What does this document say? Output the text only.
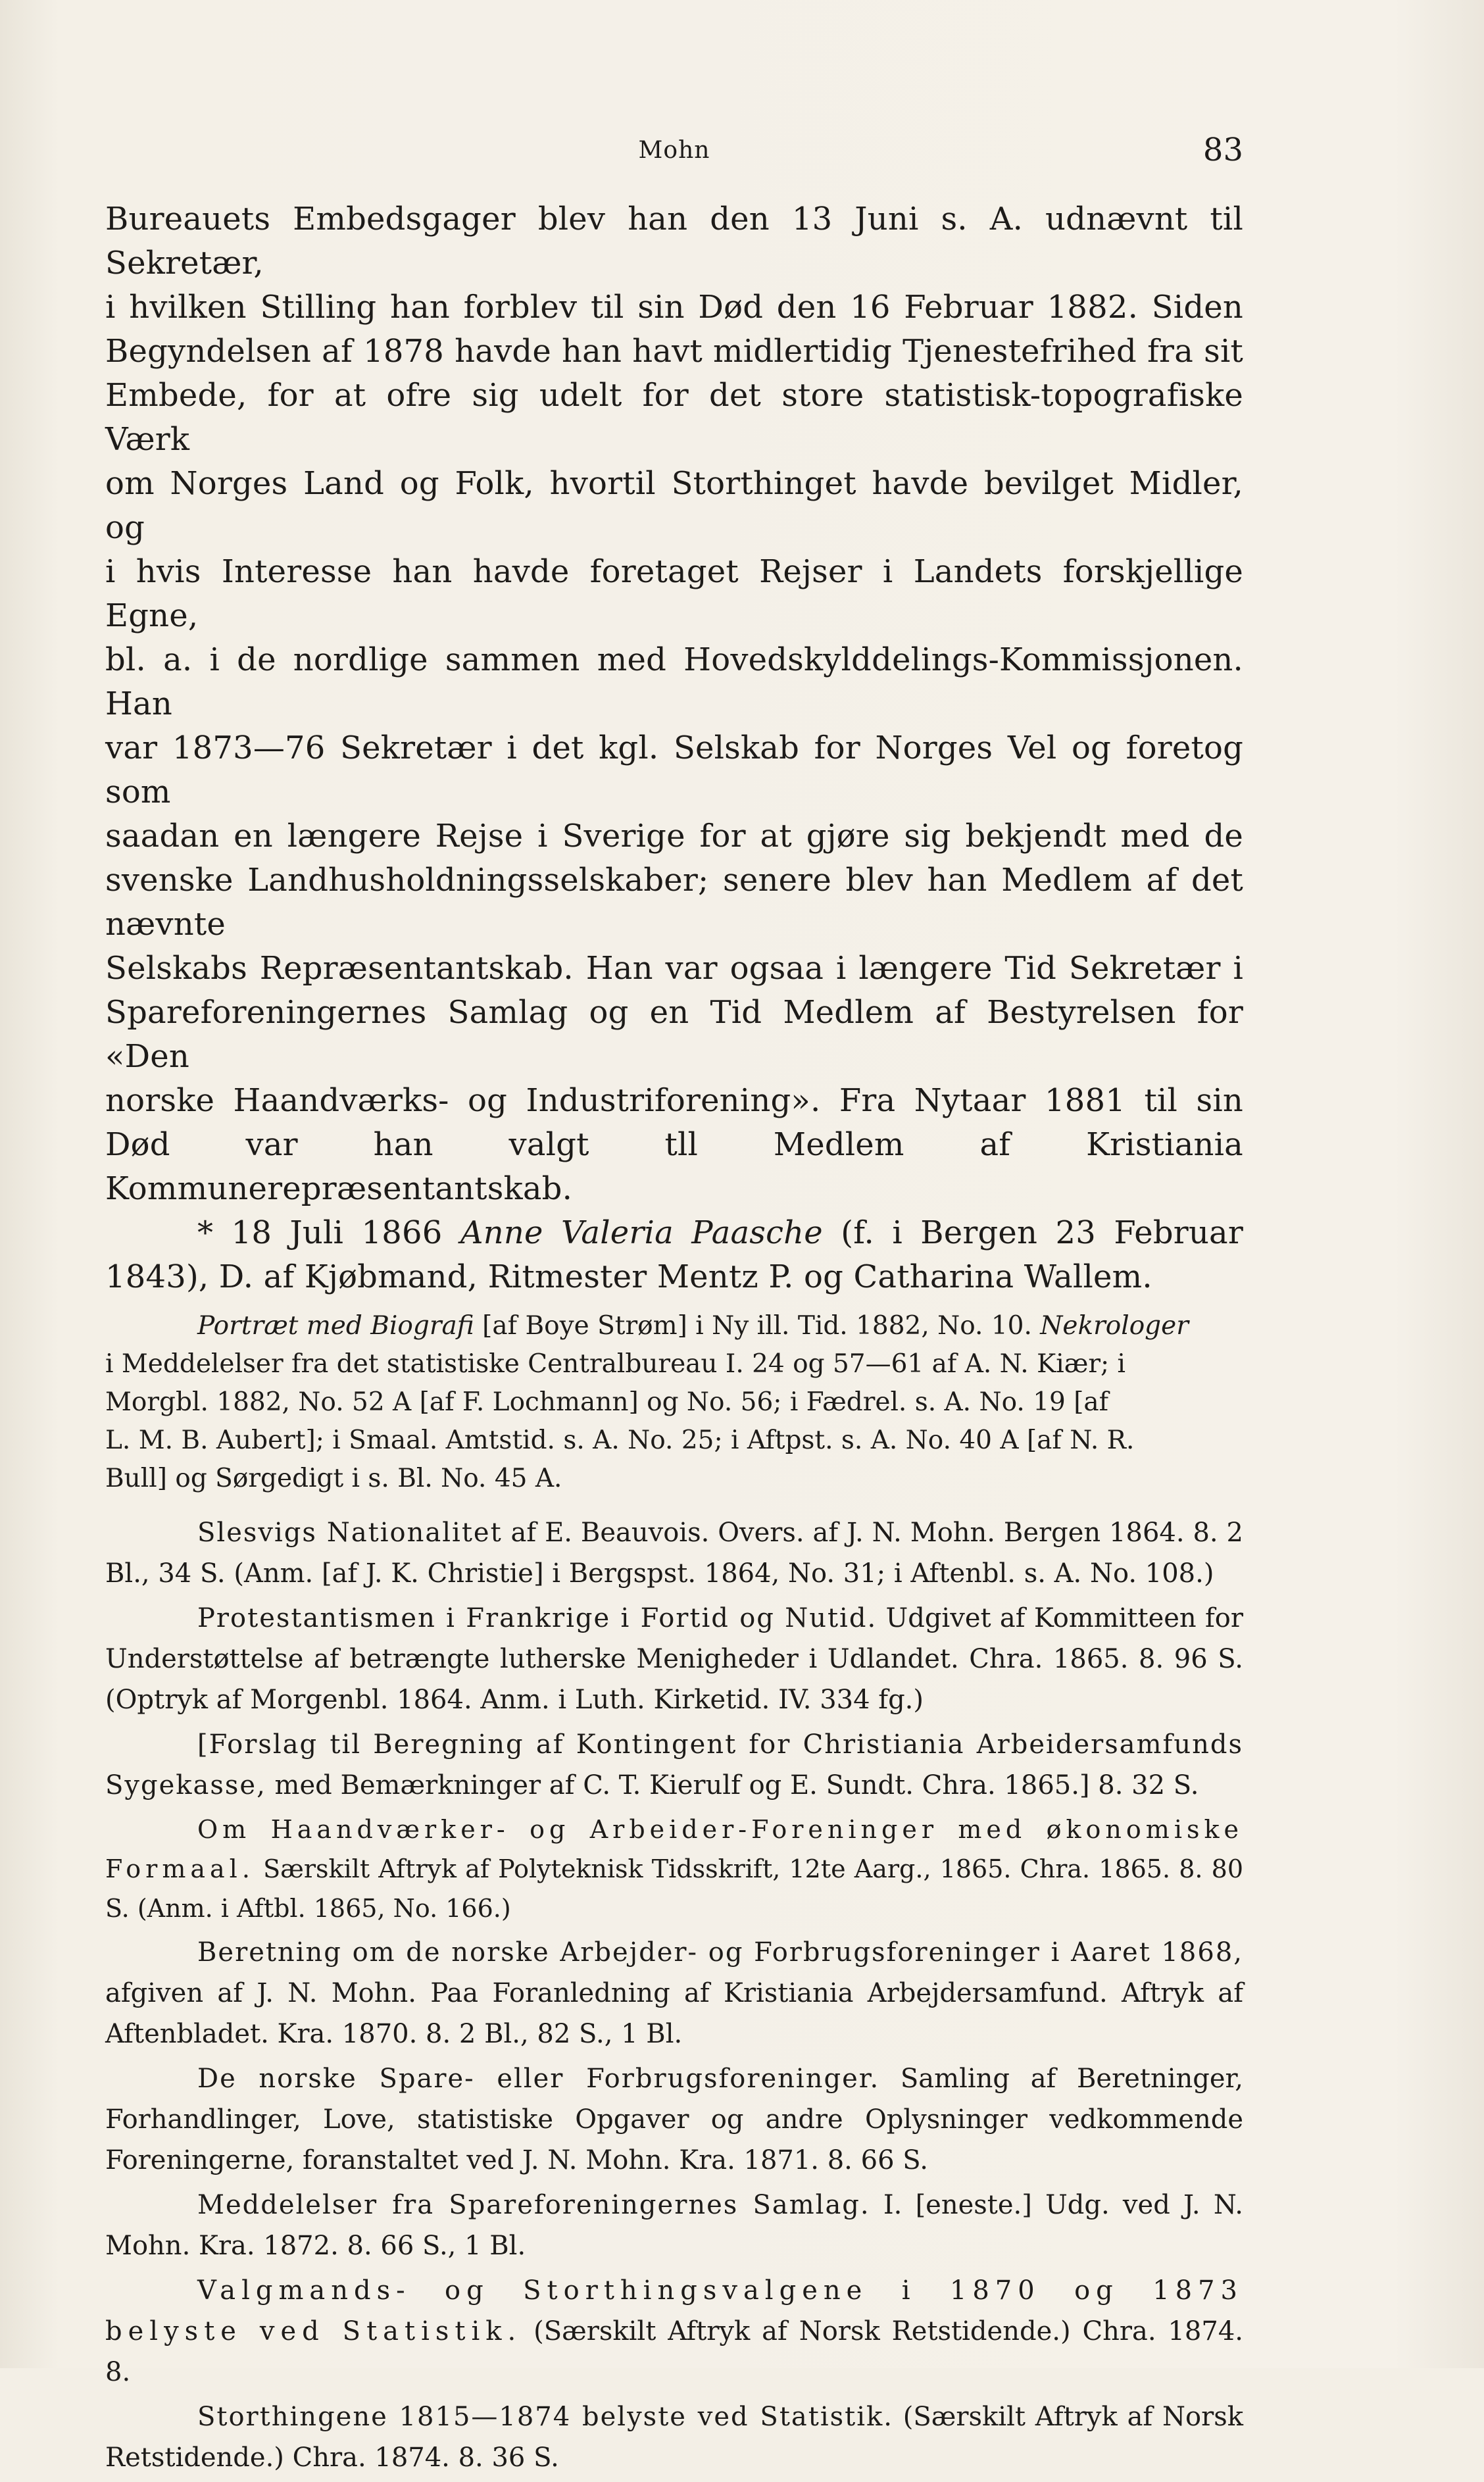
Mohn	83

Bureauets Embedsgager blev han den 13 Juni s. A. udnævnt til Sekretær,

i hvilken Stilling han forblev til sin Død den 16 Februar 1882. Siden

Begyndelsen af 1878 havde han havt midlertidig Tjenestefrihed fra sit

Embede, for at ofre sig udelt for det store statistisk-topografiske Værk

om Norges Land og Folk, hvortil Storthinget havde bevilget Midler, og

i hvis Interesse han havde foretaget Rejser i Landets forskjellige Egne,

bl. a. i de nordlige sammen med Hovedskylddelings-Kommissjonen. Han

var 1873—76 Sekretær i det kgl. Selskab for Norges Vel og foretog som

saadan en længere Rejse i Sverige for at gjøre sig bekjendt med de

svenske Landhusholdningsselskaber; senere blev han Medlem af det nævnte

Selskabs Repræsentantskab. Han var ogsaa i længere Tid Sekretær i

Spareforeningernes Samlag og en Tid Medlem af Bestyrelsen for «Den

norske Haandværks- og Industriforening». Fra Nytaar 1881 til sin

Død var han valgt tll Medlem af Kristiania Kommunerepræsentantskab.

* 18 Juli 1866 Anne Valeria Paasche (f. i Bergen 23 Februar

1843), D. af Kjøbmand, Ritmester Mentz P. og Catharina Wallem.

Portræt med Biografi [af Boye Strøm] i Ny ill. Tid. 1882, No. 10. Nekrologer

i Meddelelser fra det statistiske Centralbureau I. 24 og 57—61 af A. N. Kiær; i

Morgbl. 1882, No. 52 A [af F. Lochmann] og No. 56; i Fædrel. s. A. No. 19 [af

L. M. B. Aubert]; i Smaal. Amtstid. s. A. No. 25; i Aftpst. s. A. No. 40 A [af N. R.

Bull] og Sørgedigt i s. Bl. No. 45 A.

Slesvigs Nationalitet af E. Beauvois. Overs. af J. N. Mohn. Bergen 1864. 8. 2 Bl., 34 S. (Anm. [af J. K. Christie] i Bergspst. 1864, No. 31; i Aftenbl. s. A. No. 108.)

Protestantismen i Frankrige i Fortid og Nutid. Udgivet af Kommitteen for Understøttelse af betrængte lutherske Menigheder i Udlandet. Chra. 1865. 8. 96 S. (Optryk af Morgenbl. 1864. Anm. i Luth. Kirketid. IV. 334 fg.)

[Forslag til Beregning af Kontingent for Christiania Arbeidersamfunds Sygekasse, med Bemærkninger af C. T. Kierulf og E. Sundt. Chra. 1865.] 8. 32 S.

Om Haandværker- og Arbeider-Foreninger med økonomiske Formaal. Særskilt Aftryk af Polyteknisk Tidsskrift, 12te Aarg., 1865. Chra. 1865. 8. 80 S. (Anm. i Aftbl. 1865, No. 166.)

Beretning om de norske Arbejder- og Forbrugsforeninger i Aaret 1868, afgiven af J. N. Mohn. Paa Foranledning af Kristiania Arbejdersamfund. Aftryk af Aftenbladet. Kra. 1870. 8. 2 Bl., 82 S., 1 Bl.

De norske Spare- eller Forbrugsforeninger. Samling af Beretninger, Forhandlinger, Love, statistiske Opgaver og andre Oplysninger vedkommende Foreningerne, foranstaltet ved J. N. Mohn. Kra. 1871. 8. 66 S.

Meddelelser fra Spareforeningernes Samlag. I. [eneste.] Udg. ved J. N. Mohn. Kra. 1872. 8. 66 S., 1 Bl.

Valgmands- og Storthingsvalgene i 1870 og 1873 belyste ved Statistik. (Særskilt Aftryk af Norsk Retstidende.) Chra. 1874. 8.

Storthingene 1815—1874 belyste ved Statistik. (Særskilt Aftryk af Norsk Retstidende.) Chra. 1874. 8. 36 S.
